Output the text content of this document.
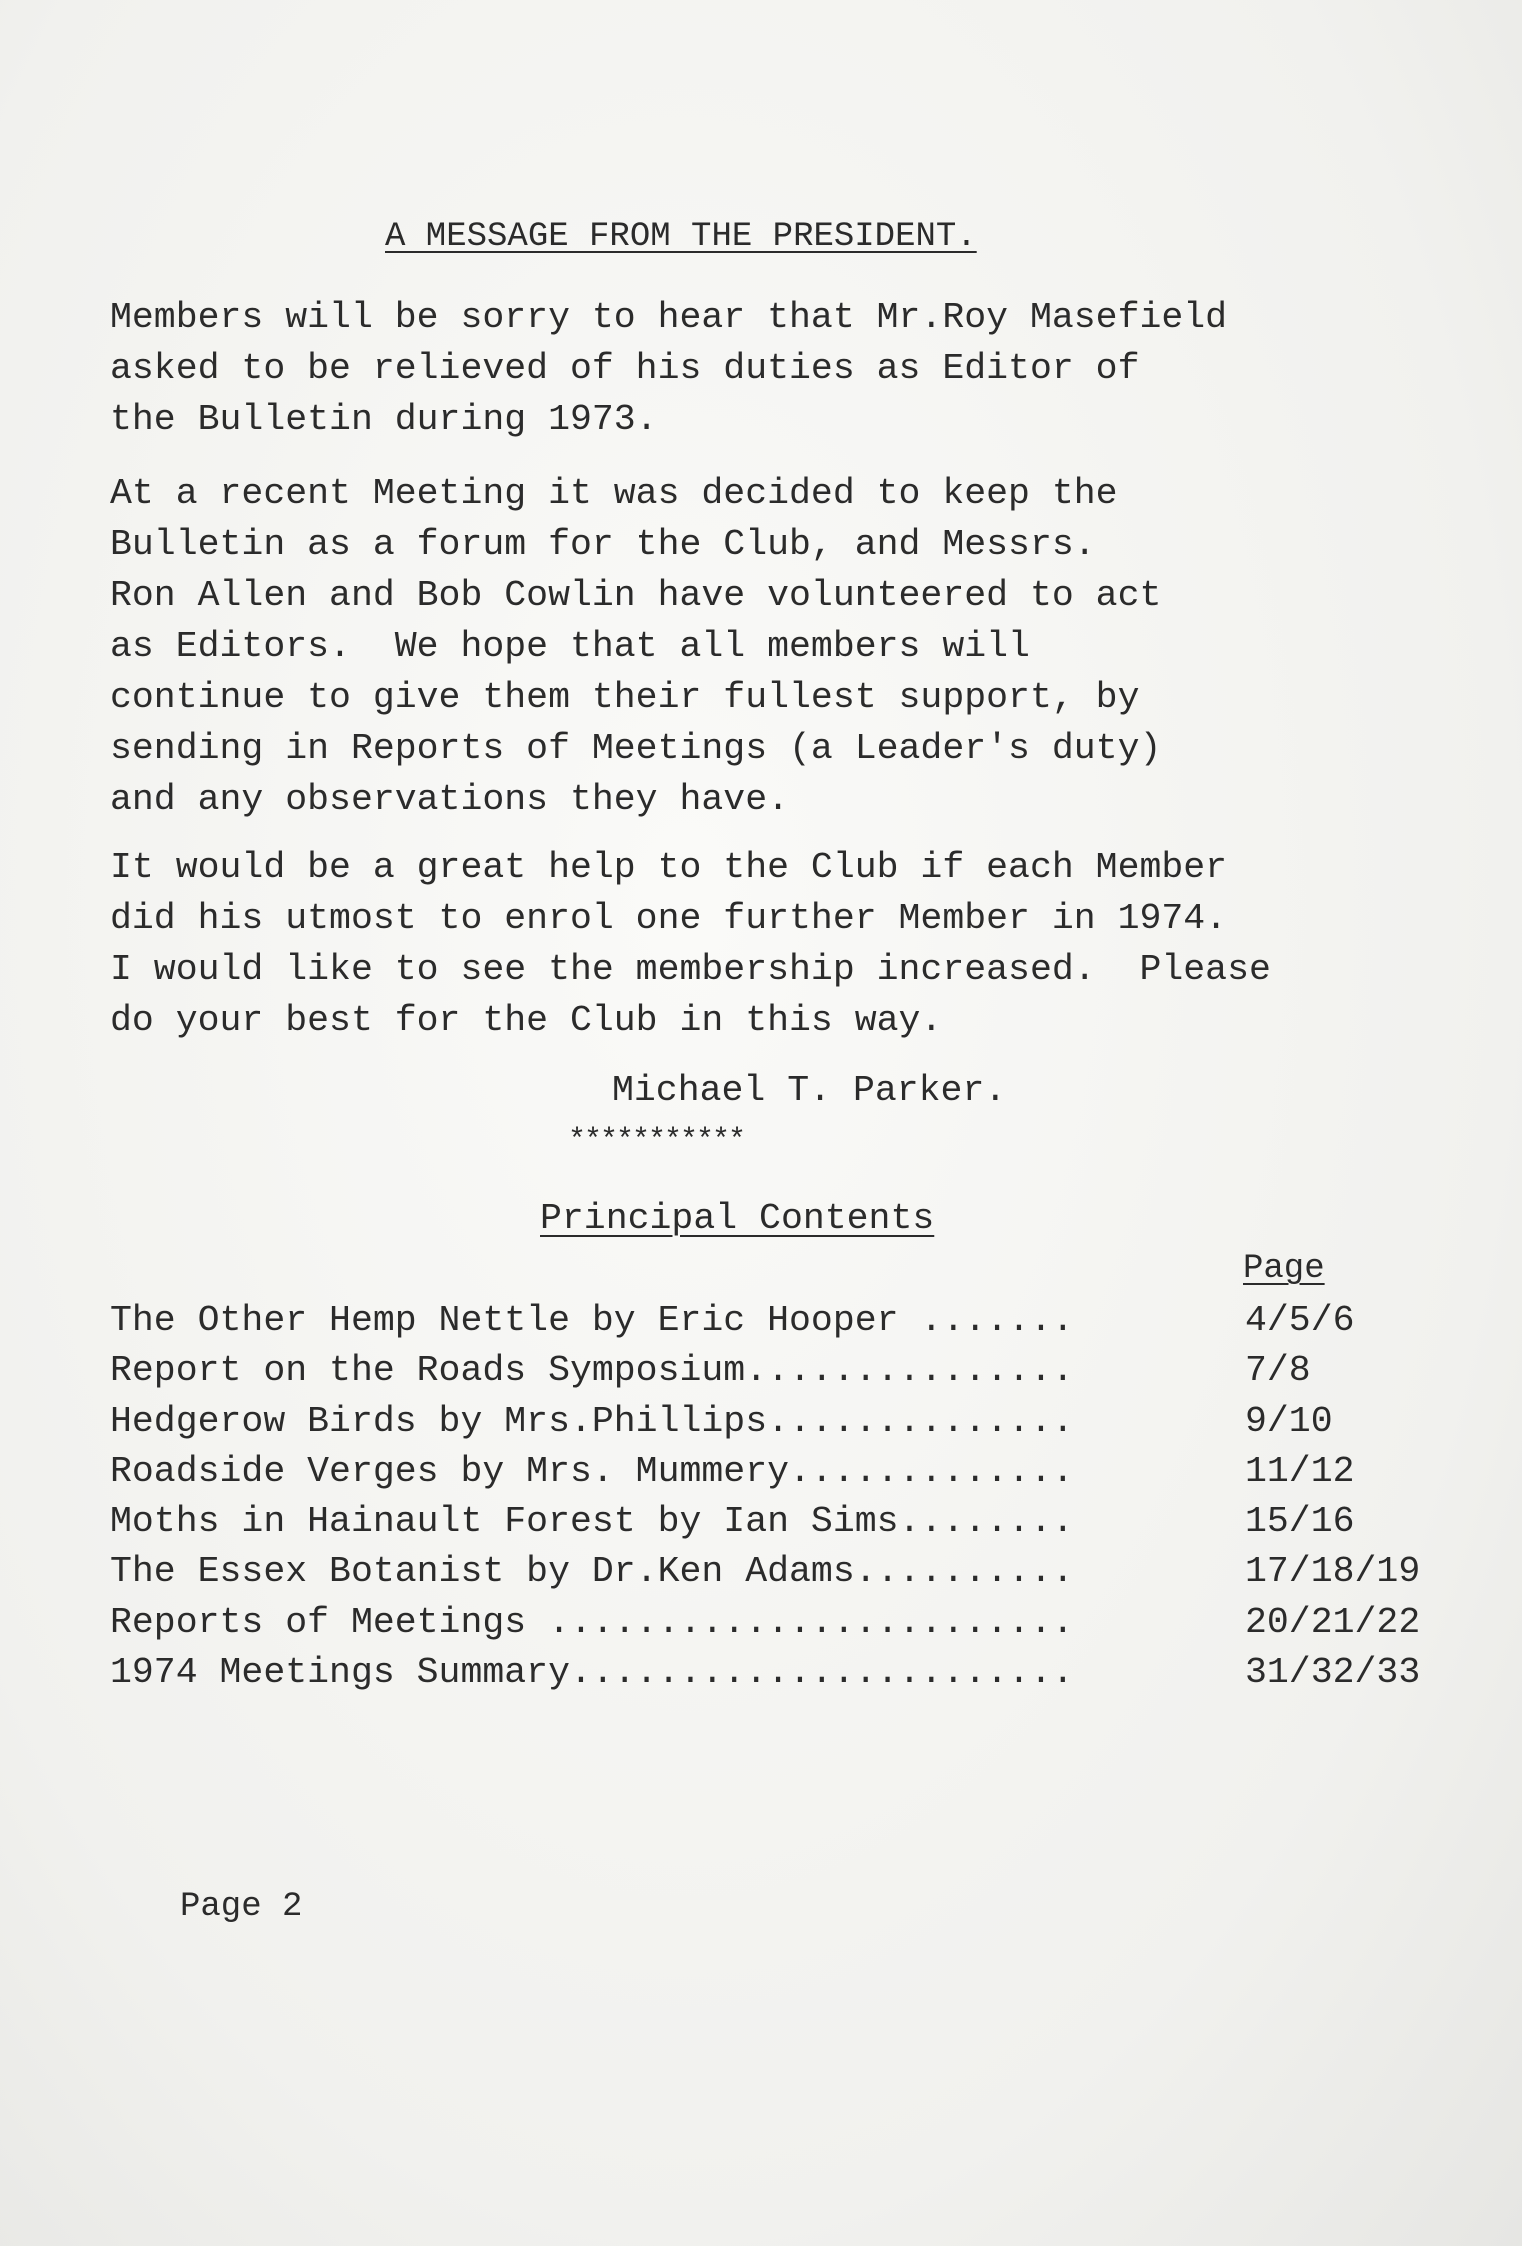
A MESSAGE FROM THE PRESIDENT.
Members will be sorry to hear that Mr.Roy Masefield
asked to be relieved of his duties as Editor of
the Bulletin during 1973.
At a recent Meeting it was decided to keep the
Bulletin as a forum for the Club, and Messrs.
Ron Allen and Bob Cowlin have volunteered to act
as Editors.  We hope that all members will
continue to give them their fullest support, by
sending in Reports of Meetings (a Leader's duty)
and any observations they have.
It would be a great help to the Club if each Member
did his utmost to enrol one further Member in 1974.
I would like to see the membership increased.  Please
do your best for the Club in this way.
Michael T. Parker.
***********
Principal Contents
Page
The Other Hemp Nettle by Eric Hooper .......	4/5/6
Report on the Roads Symposium...............	7/8
Hedgerow Birds by Mrs.Phillips..............	9/10
Roadside Verges by Mrs. Mummery.............	11/12
Moths in Hainault Forest by Ian Sims........	15/16
The Essex Botanist by Dr.Ken Adams..........	17/18/19
Reports of Meetings ........................	20/21/22
1974 Meetings Summary.......................	31/32/33
Page 2
